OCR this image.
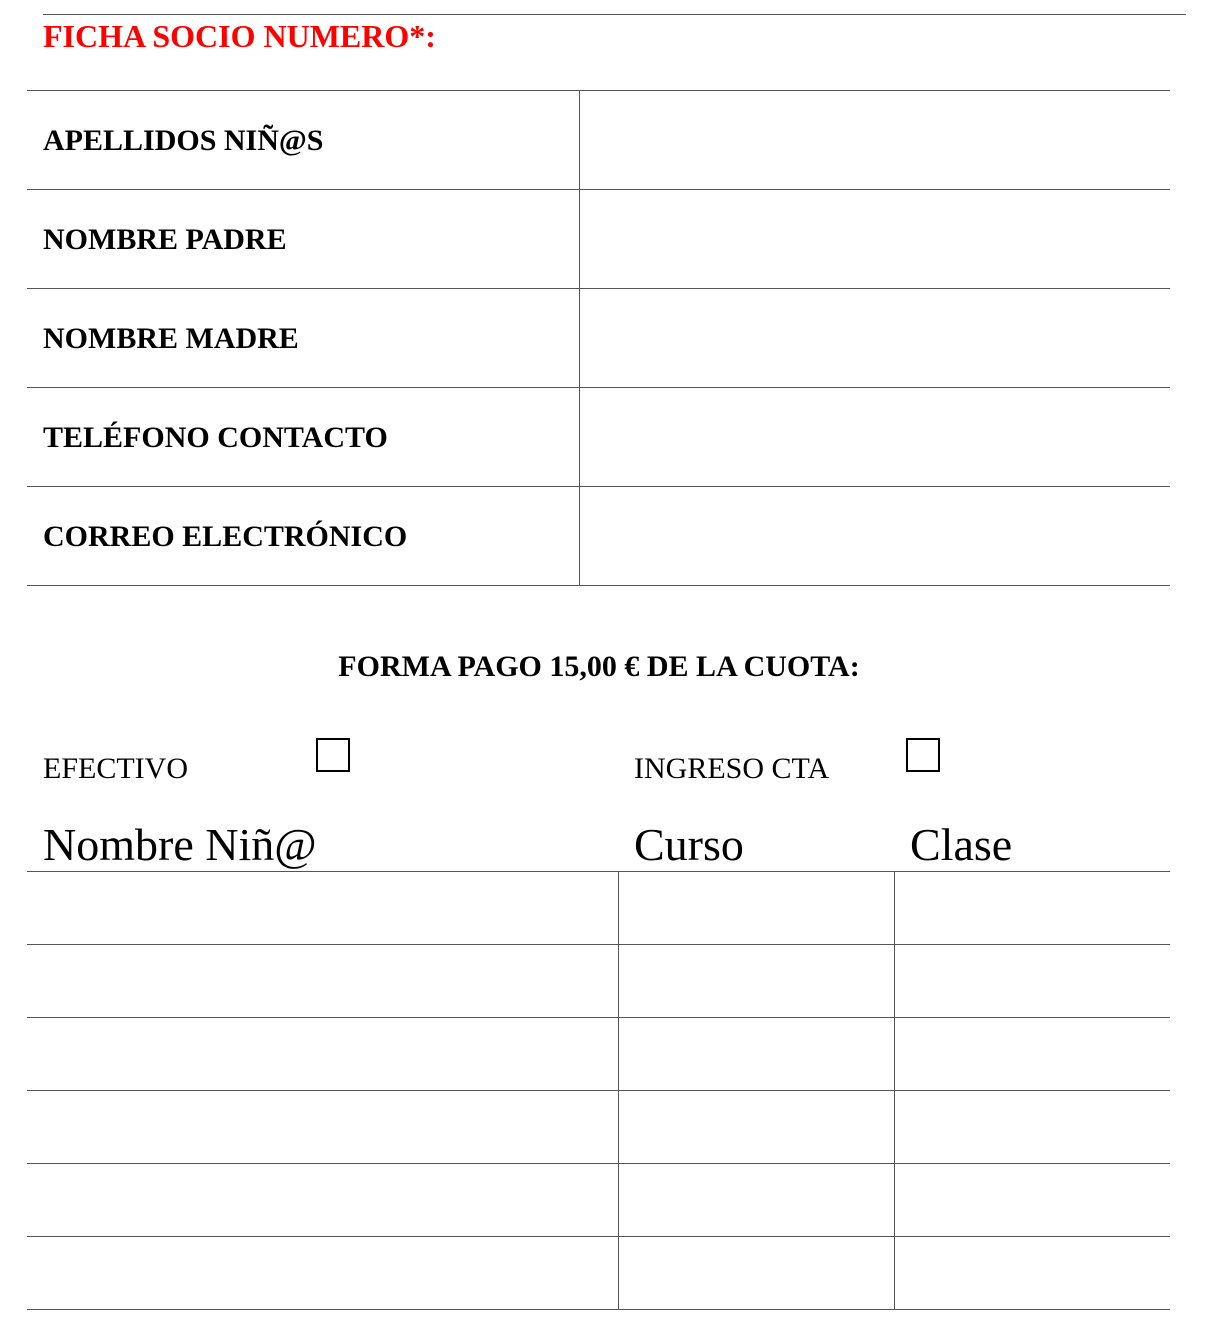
FICHA SOCIO NUMERO*:
APELLIDOS NIÑ@S
NOMBRE PADRE
NOMBRE MADRE
TELÉFONO CONTACTO
CORREO ELECTRÓNICO
FORMA PAGO 15,00 € DE LA CUOTA:
EFECTIVO	INGRESO CTA
Nombre Niñ@	Curso	Clase
